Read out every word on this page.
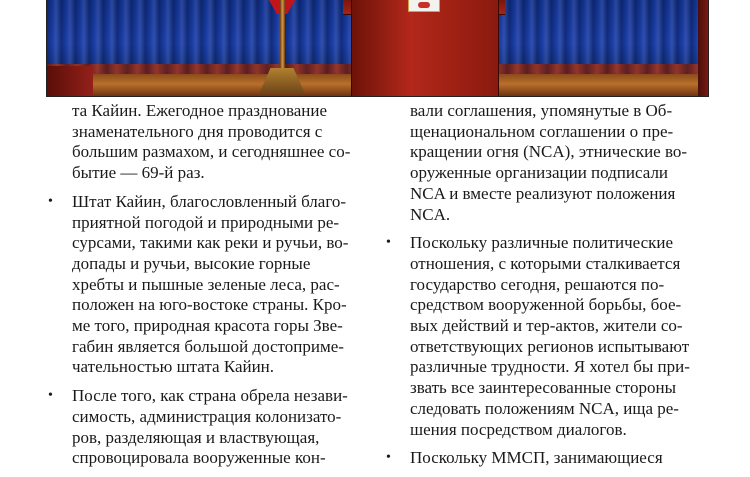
та Кайин. Ежегодное празднование
знаменательного дня проводится с
большим размахом, и сегодняшнее со-
бытие — 69-й раз.

• Штат Кайин, благословленный благо-
приятной погодой и природными ре-
сурсами, такими как реки и ручьи, во-
допады и ручьи, высокие горные
хребты и пышные зеленые леса, рас-
положен на юго-востоке страны. Кро-
ме того, природная красота горы Зве-
габин является большой достоприме-
чательностью штата Кайин.
• После того, как страна обрела незави-
симость, администрация колонизато-
ров, разделяющая и властвующая,
спровоцировала вооруженные кон-

вали соглашения, упомянутые в Об-
щенациональном соглашении о пре-
кращении огня (NCA), этнические во-
оруженные организации подписали
NCA и вместе реализуют положения
NCA.

• Поскольку различные политические
отношения, с которыми сталкивается
государство сегодня, решаются по-
средством вооруженной борьбы, бое-
вых действий и тер-актов, жители со-
ответствующих регионов испытывают
различные трудности. Я хотел бы при-
звать все заинтересованные стороны
следовать положениям NCA, ища ре-
шения посредством диалогов.
• Поскольку МMСП, занимающиеся
